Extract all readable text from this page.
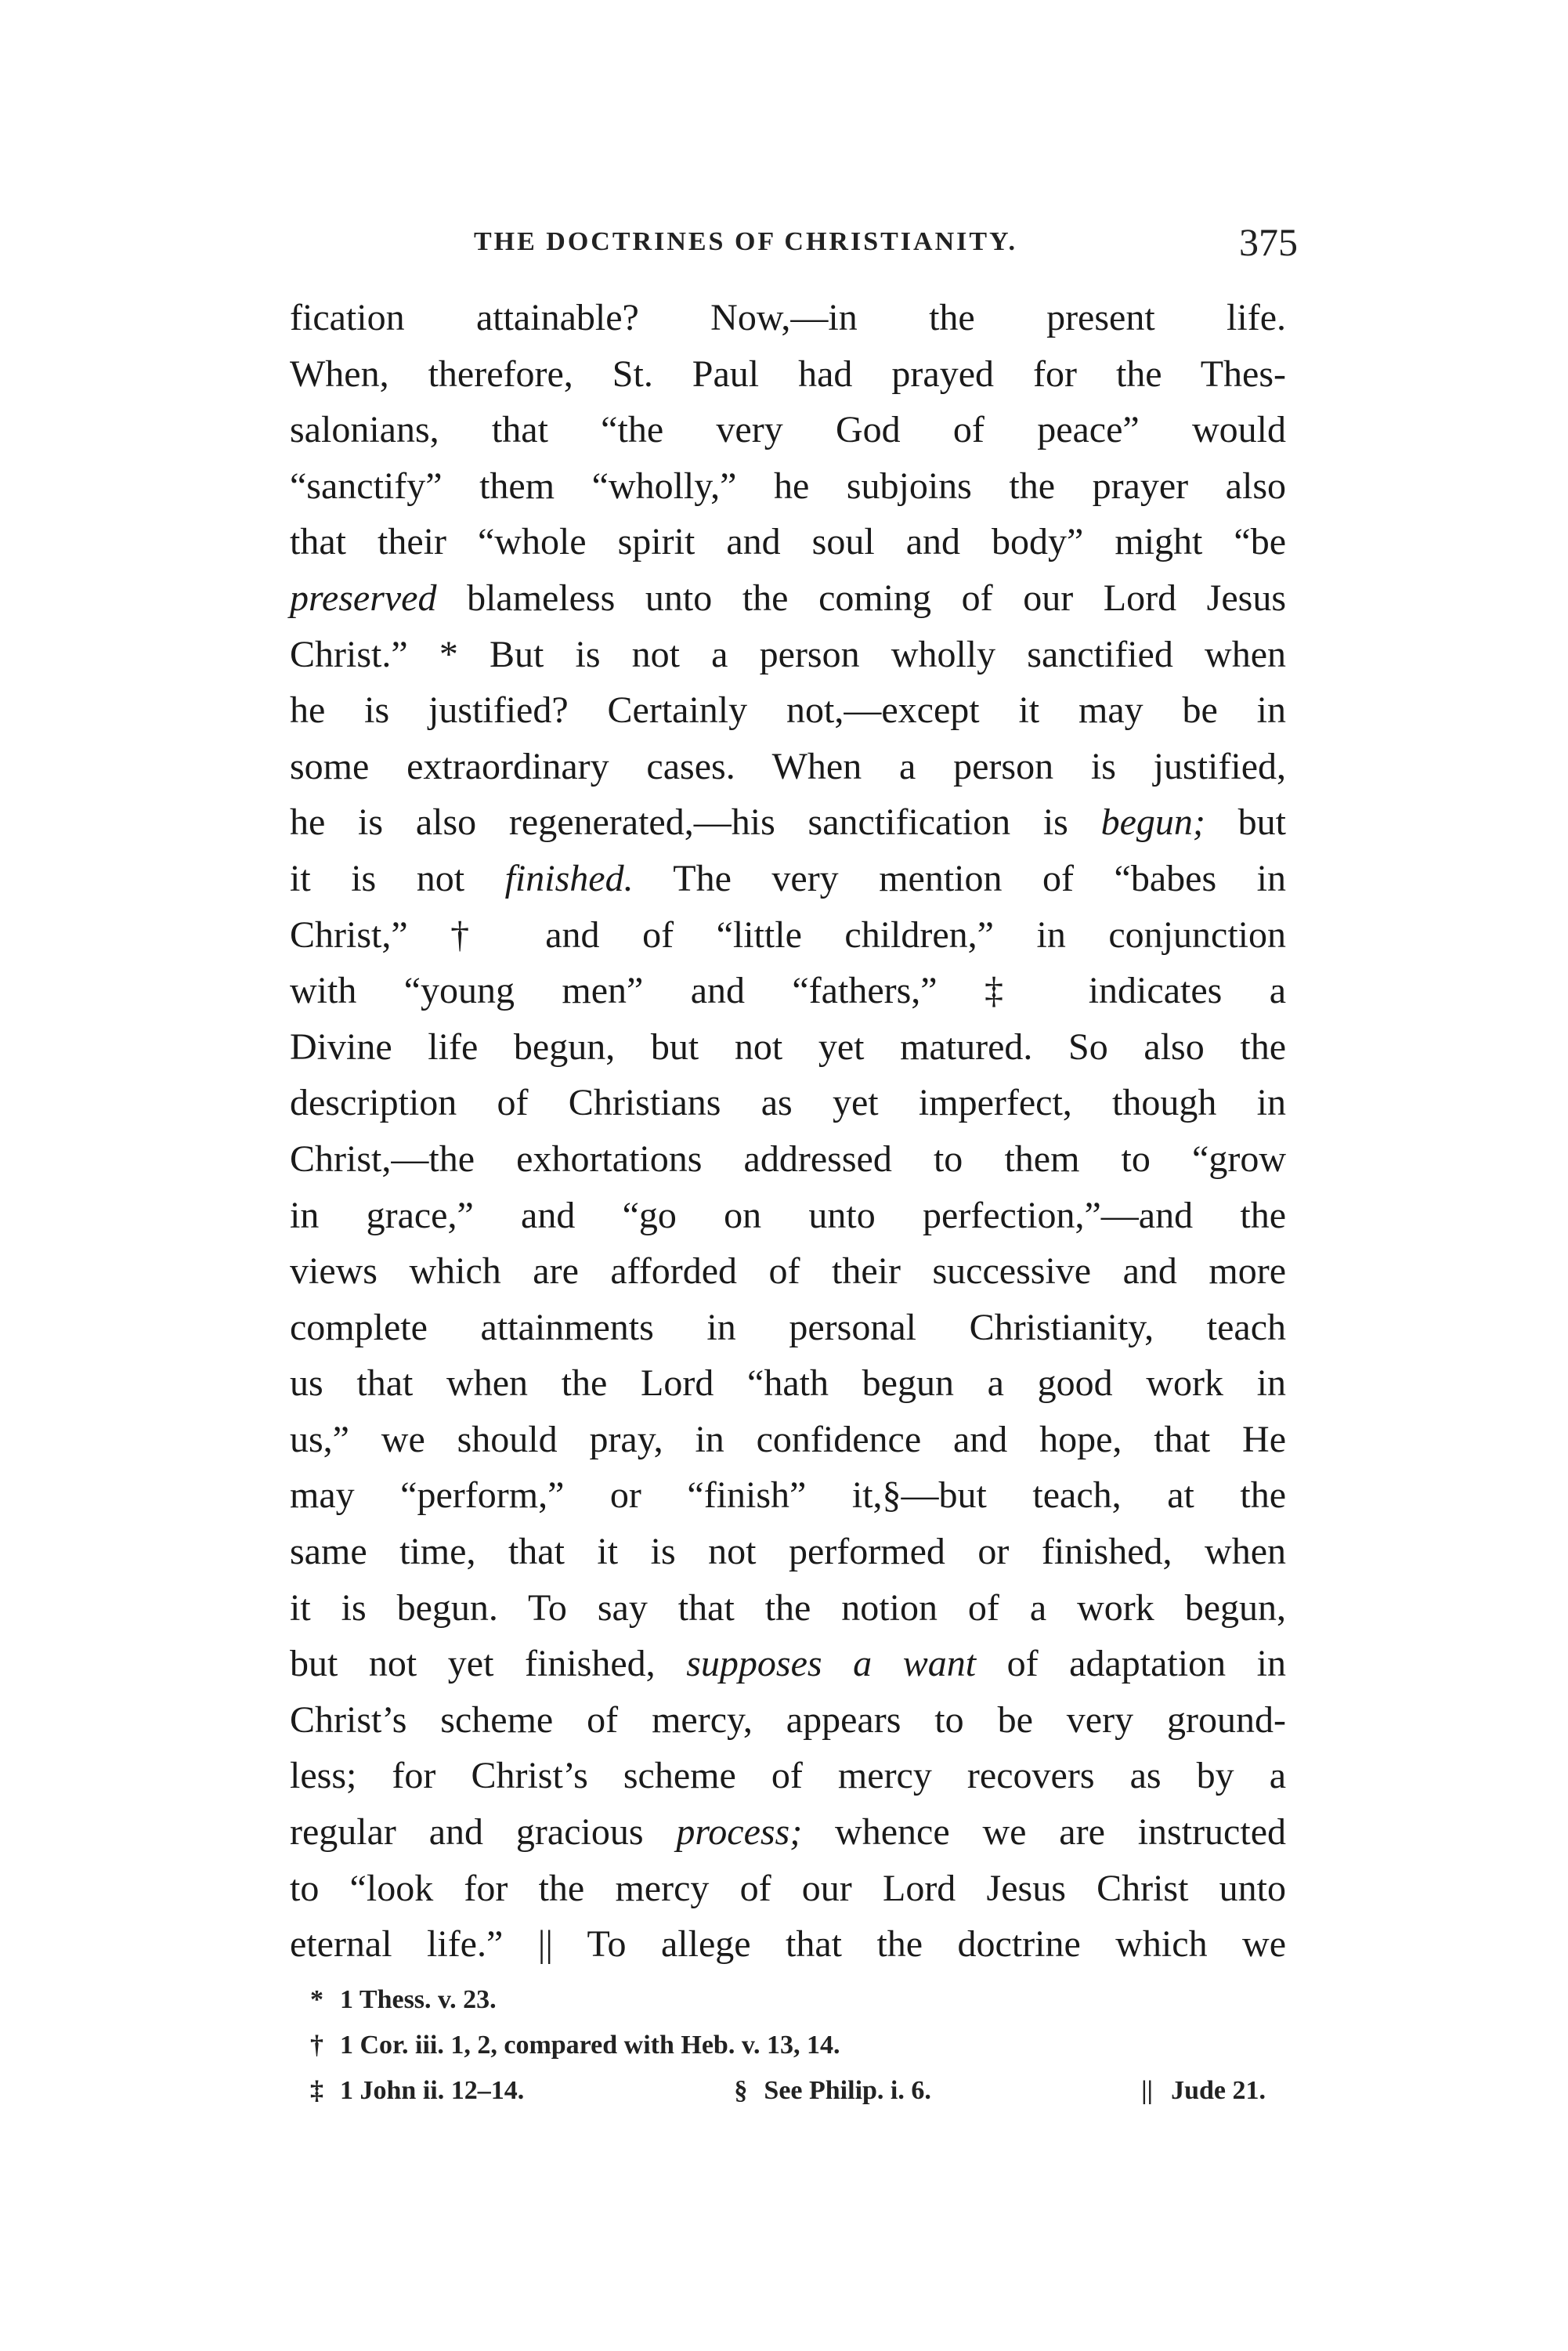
THE DOCTRINES OF CHRISTIANITY.	375
fication attainable? Now,—in the present life.
When, therefore, St. Paul had prayed for the Thes-
salonians, that “the very God of peace” would
“sanctify” them “wholly,” he subjoins the prayer also
that their “whole spirit and soul and body” might “be
preserved blameless unto the coming of our Lord Jesus
Christ.” * But is not a person wholly sanctified when
he is justified? Certainly not,—except it may be in
some extraordinary cases. When a person is justified,
he is also regenerated,—his sanctification is begun; but
it is not finished. The very mention of “babes in
Christ,” † and of “little children,” in conjunction
with “young men” and “fathers,” ‡ indicates a
Divine life begun, but not yet matured. So also the
description of Christians as yet imperfect, though in
Christ,—the exhortations addressed to them to “grow
in grace,” and “go on unto perfection,”—and the
views which are afforded of their successive and more
complete attainments in personal Christianity, teach
us that when the Lord “hath begun a good work in
us,” we should pray, in confidence and hope, that He
may “perform,” or “finish” it,§—but teach, at the
same time, that it is not performed or finished, when
it is begun. To say that the notion of a work begun,
but not yet finished, supposes a want of adaptation in
Christ’s scheme of mercy, appears to be very ground-
less; for Christ’s scheme of mercy recovers as by a
regular and gracious process; whence we are instructed
to “look for the mercy of our Lord Jesus Christ unto
eternal life.” || To allege that the doctrine which we
* 1 Thess. v. 23.
† 1 Cor. iii. 1, 2, compared with Heb. v. 13, 14.
‡ 1 John ii. 12–14.	§ See Philip. i. 6.	|| Jude 21.
